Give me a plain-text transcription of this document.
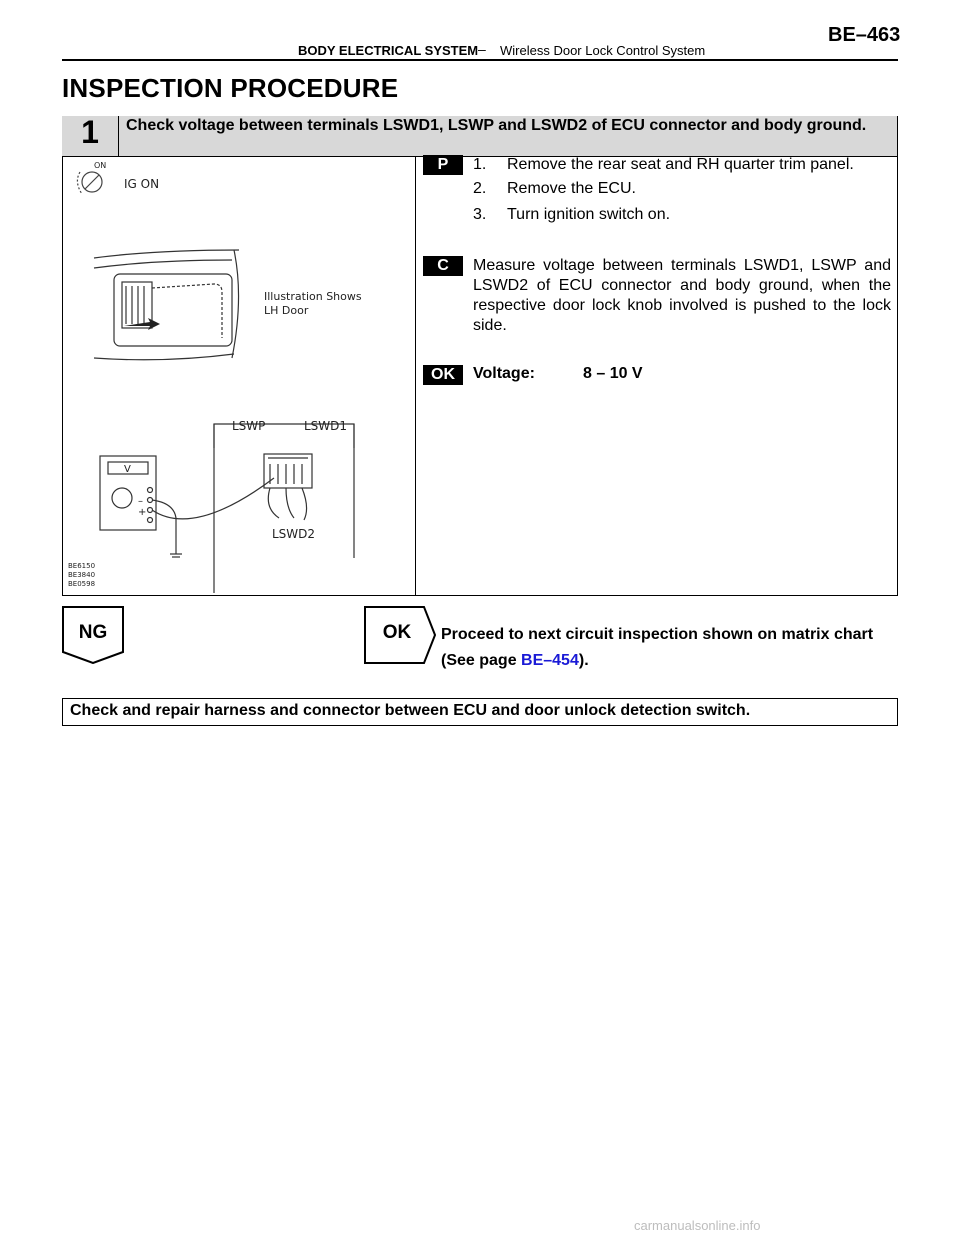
BE–463
BODY ELECTRICAL SYSTEM – Wireless Door Lock Control System
INSPECTION PROCEDURE
1	Check voltage between terminals LSWD1, LSWP and LSWD2 of ECU connector and body ground.
ON
IG ON
Illustration Shows
LH Door
LSWP	LSWD1
LSWD2
V
–
+
BE6150
BE3840
BE0598
P	1. Remove the rear seat and RH quarter trim panel.
2. Remove the ECU.
3. Turn ignition switch on.
C	Measure voltage between terminals LSWD1, LSWP and LSWD2 of ECU connector and body ground, when the respective door lock knob involved is pushed to the lock side.
OK	Voltage:	8 – 10 V
NG	OK	Proceed to next circuit inspection shown on matrix chart
(See page BE–454).
Check and repair harness and connector between ECU and door unlock detection switch.
carmanualsonline.info
